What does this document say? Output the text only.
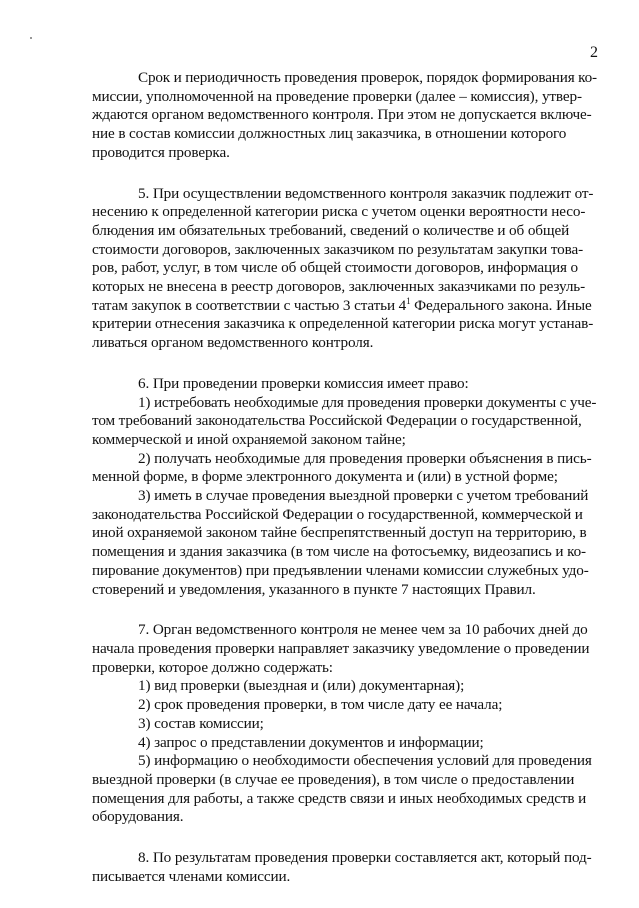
2
Срок и периодичность проведения проверок, порядок формирования ко-
миссии, уполномоченной на проведение проверки (далее – комиссия), утвер-
ждаются органом ведомственного контроля. При этом не допускается включе-
ние в состав комиссии должностных лиц заказчика, в отношении которого
проводится проверка.
5. При осуществлении ведомственного контроля заказчик подлежит от-
несению к определенной категории риска с учетом оценки вероятности несо-
блюдения им обязательных требований, сведений о количестве и об общей
стоимости договоров, заключенных заказчиком по результатам закупки това-
ров, работ, услуг, в том числе об общей стоимости договоров, информация о
которых не внесена в реестр договоров, заключенных заказчиками по резуль-
татам закупок в соответствии с частью 3 статьи $4^1$ Федерального закона. Иные
критерии отнесения заказчика к определенной категории риска могут устанав-
ливаться органом ведомственного контроля.
6. При проведении проверки комиссия имеет право:
1) истребовать необходимые для проведения проверки документы с уче-
том требований законодательства Российской Федерации о государственной,
коммерческой и иной охраняемой законом тайне;
2) получать необходимые для проведения проверки объяснения в пись-
менной форме, в форме электронного документа и (или) в устной форме;
3) иметь в случае проведения выездной проверки с учетом требований
законодательства Российской Федерации о государственной, коммерческой и
иной охраняемой законом тайне беспрепятственный доступ на территорию, в
помещения и здания заказчика (в том числе на фотосъемку, видеозапись и ко-
пирование документов) при предъявлении членами комиссии служебных удо-
стоверений и уведомления, указанного в пункте 7 настоящих Правил.
7. Орган ведомственного контроля не менее чем за 10 рабочих дней до
начала проведения проверки направляет заказчику уведомление о проведении
проверки, которое должно содержать:
1) вид проверки (выездная и (или) документарная);
2) срок проведения проверки, в том числе дату ее начала;
3) состав комиссии;
4) запрос о представлении документов и информации;
5) информацию о необходимости обеспечения условий для проведения
выездной проверки (в случае ее проведения), в том числе о предоставлении
помещения для работы, а также средств связи и иных необходимых средств и
оборудования.
8. По результатам проведения проверки составляется акт, который под-
писывается членами комиссии.
